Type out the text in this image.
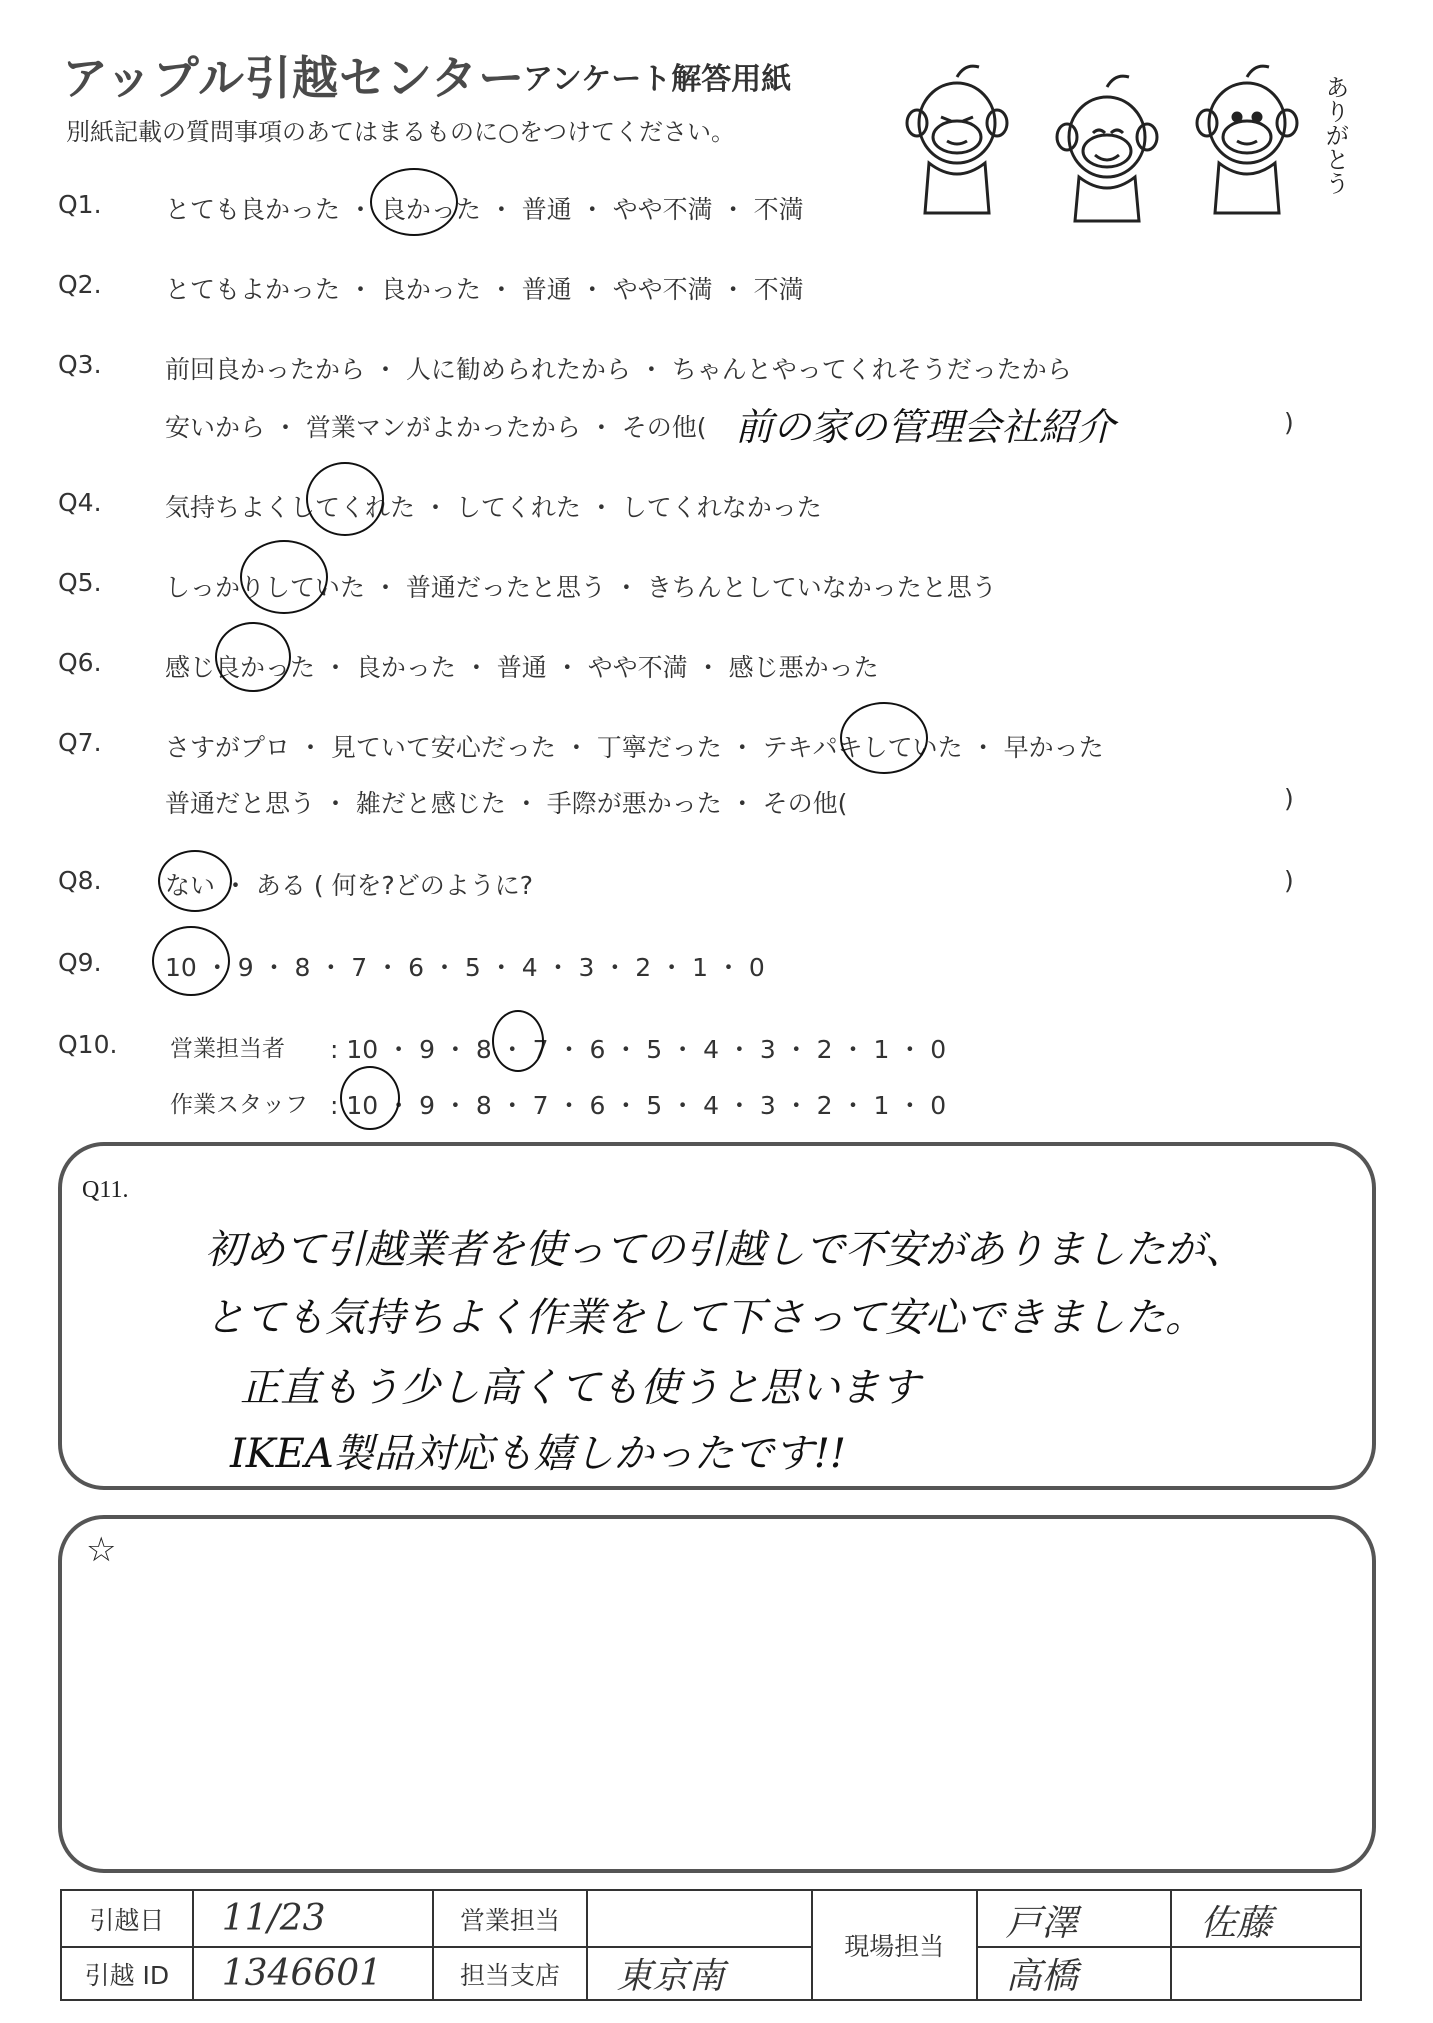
アップル引越センター
アンケート解答用紙
別紙記載の質問事項のあてはまるものに○をつけてください。	ありがとう
Q1.	とても良かった ・ 良かった ・ 普通 ・ やや不満 ・ 不満
Q2.	とてもよかった ・ 良かった ・ 普通 ・ やや不満 ・ 不満
Q3.	前回良かったから ・ 人に勧められたから ・ ちゃんとやってくれそうだったから
安いから ・ 営業マンがよかったから ・ その他( 前の家の管理会社紹介	)
Q4.	気持ちよくしてくれた ・ してくれた ・ してくれなかった
Q5.	しっかりしていた ・ 普通だったと思う ・ きちんとしていなかったと思う
Q6.	感じ良かった ・ 良かった ・ 普通 ・ やや不満 ・ 感じ悪かった
Q7.	さすがプロ ・ 見ていて安心だった ・ 丁寧だった ・ テキパキしていた ・ 早かった
普通だと思う ・ 雑だと感じた ・ 手際が悪かった ・ その他(	)
Q8.	ない ・ ある ( 何を?どのように?	)
Q9.	10 ・ 9 ・ 8 ・ 7 ・ 6 ・ 5 ・ 4 ・ 3 ・ 2 ・ 1 ・ 0
Q10. 営業担当者 : 10 ・ 9 ・ 8 ・ 7 ・ 6 ・ 5 ・ 4 ・ 3 ・ 2 ・ 1 ・ 0
作業スタッフ : 10 ・ 9 ・ 8 ・ 7 ・ 6 ・ 5 ・ 4 ・ 3 ・ 2 ・ 1 ・ 0
Q11.
初めて引越業者を使っての引越しで不安がありましたが、
とても気持ちよく作業をして下さって安心できました。
正直もう少し高くても使うと思います
IKEA製品対応も嬉しかったです!!
☆
引越日	11/23	営業担当		現場担当	戸澤	佐藤
引越 ID	1346601	担当支店	東京南		高橋	
